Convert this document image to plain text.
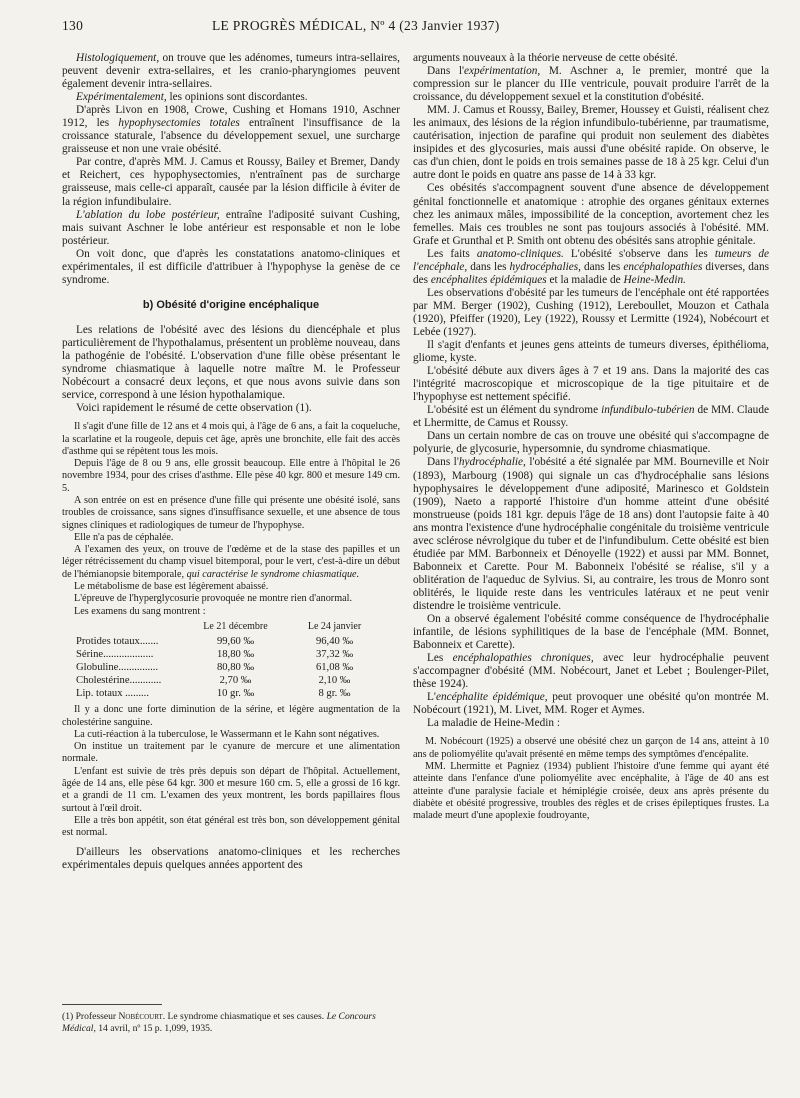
130	LE PROGRÈS MÉDICAL, Nº 4 (23 Janvier 1937)

Histologiquement, on trouve que les adénomes, tumeurs intra-sellaires, peuvent devenir extra-sellaires, et les cranio-pharyngiomes peuvent également devenir intra-sellaires.

Expérimentalement, les opinions sont discordantes.

D'après Livon en 1908, Crowe, Cushing et Homans 1910, Aschner 1912, les hypophysectomies totales entraînent l'insuffisance de la croissance staturale, l'absence du développement sexuel, une surcharge graisseuse et non une vraie obésité.

Par contre, d'après MM. J. Camus et Roussy, Bailey et Bremer, Dandy et Reichert, ces hypophysectomies, n'entraînent pas de surcharge graisseuse, mais celle-ci apparaît, causée par la lésion difficile à éviter de la région infundibulaire.

L'ablation du lobe postérieur, entraîne l'adiposité suivant Cushing, mais suivant Aschner le lobe antérieur est responsable et non le lobe postérieur.

On voit donc, que d'après les constatations anatomo-cliniques et expérimentales, il est difficile d'attribuer à l'hypophyse la genèse de ce syndrome.

b) Obésité d'origine encéphalique

Les relations de l'obésité avec des lésions du diencéphale et plus particulièrement de l'hypothalamus, présentent un problème nouveau, dans la pathogénie de l'obésité. L'observation d'une fille obèse présentant le syndrome chiasmatique à laquelle notre maître M. le Professeur Nobécourt a consacré deux leçons, et que nous avons suivie dans son service, correspond à une lésion hypothalamique.

Voici rapidement le résumé de cette observation (1).

Il s'agit d'une fille de 12 ans et 4 mois qui, à l'âge de 6 ans, a fait la coqueluche, la scarlatine et la rougeole, depuis cet âge, après une bronchite, elle fait des accès d'asthme qui se répètent tous les mois.

Depuis l'âge de 8 ou 9 ans, elle grossit beaucoup. Elle entre à l'hôpital le 26 novembre 1934, pour des crises d'asthme. Elle pèse 40 kgr. 800 et mesure 149 cm. 5.

A son entrée on est en présence d'une fille qui présente une obésité isolé, sans troubles de croissance, sans signes d'insuffisance sexuelle, et une absence de tous signes cliniques et radiologiques de tumeur de l'hypophyse.

Elle n'a pas de céphalée.

A l'examen des yeux, on trouve de l'œdème et de la stase des papilles et un léger rétrécissement du champ visuel bitemporal, pour le vert, c'est-à-dire un début de l'hémianopsie bitemporale, qui caractérise le syndrome chiasmatique.

Le métabolisme de base est légèrement abaissé.

L'épreuve de l'hyperglycosurie provoquée ne montre rien d'anormal.

Les examens du sang montrent :

	Le 21 décembre	Le 24 janvier
Protides totaux.......	99,60 ‰	96,40 ‰
Sérine...................	18,80 ‰	37,32 ‰
Globuline...............	80,80 ‰	61,08 ‰
Cholestérine............	2,70 ‰	2,10 ‰
Lip. totaux .........	10 gr. ‰	8 gr. ‰

Il y a donc une forte diminution de la sérine, et légère augmentation de la cholestérine sanguine.

La cuti-réaction à la tuberculose, le Wassermann et le Kahn sont négatives.

On institue un traitement par le cyanure de mercure et une alimentation normale.

L'enfant est suivie de très près depuis son départ de l'hôpital. Actuellement, âgée de 14 ans, elle pèse 64 kgr. 300 et mesure 160 cm. 5, elle a grossi de 16 kgr. et a grandi de 11 cm. L'examen des yeux montrent, les bords papillaires flous surtout à l'œil droit.

Elle a très bon appétit, son état général est très bon, son développement génital est normal.

D'ailleurs les observations anatomo-cliniques et les recherches expérimentales depuis quelques années apportent des

(1) Professeur Nobécourt. Le syndrome chiasmatique et ses causes. Le Concours Médical, 14 avril, nº 15 p. 1,099, 1935.

arguments nouveaux à la théorie nerveuse de cette obésité.

Dans l'expérimentation, M. Aschner a, le premier, montré que la compression sur le plancer du IIIe ventricule, pouvait produire l'arrêt de la croissance, du développement sexuel et la constitution d'obésité.

MM. J. Camus et Roussy, Bailey, Bremer, Houssey et Guisti, réalisent chez les animaux, des lésions de la région infundibulo-tubérienne, par traumatisme, cautérisation, injection de parafine qui produit non seulement des diabètes insipides et des glycosuries, mais aussi d'une obésité rapide. On observe, le cas d'un chien, dont le poids en trois semaines passe de 18 à 25 kgr. Celui d'un autre dont le poids en quatre ans passe de 14 à 33 kgr.

Ces obésités s'accompagnent souvent d'une absence de développement génital fonctionnelle et anatomique : atrophie des organes génitaux externes chez les animaux mâles, impossibilité de la conception, avortement chez les femelles. Mais ces troubles ne sont pas toujours associés à l'obésité. MM. Grafe et Grunthal et P. Smith ont obtenu des obésités sans atrophie génitale.

Les faits anatomo-cliniques. L'obésité s'observe dans les tumeurs de l'encéphale, dans les hydrocéphalies, dans les encéphalopathies diverses, dans des encéphalites épidémiques et la maladie de Heine-Medin.

Les observations d'obésité par les tumeurs de l'encéphale ont été rapportées par MM. Berger (1902), Cushing (1912), Lereboullet, Mouzon et Cathala (1920), Pfeiffer (1920), Ley (1922), Roussy et Lermitte (1924), Nobécourt et Lebée (1927).

Il s'agit d'enfants et jeunes gens atteints de tumeurs diverses, épithélioma, gliome, kyste.

L'obésité débute aux divers âges à 7 et 19 ans. Dans la majorité des cas l'intégrité macroscopique et microscopique de la tige pituitaire et de l'hypophyse est nettement spécifié.

L'obésité est un élément du syndrome infundibulo-tubérien de MM. Claude et Lhermitte, de Camus et Roussy.

Dans un certain nombre de cas on trouve une obésité qui s'accompagne de polyurie, de glycosurie, hypersomnie, du syndrome chiasmatique.

Dans l'hydrocéphalie, l'obésité a été signalée par MM. Bourneville et Noir (1893), Marbourg (1908) qui signale un cas d'hydrocéphalie sans lésions hypophysaires le développement d'une adiposité, Marinesco et Goldstein (1909), Naeto a rapporté l'histoire d'un homme atteint d'une obésité monstrueuse (poids 181 kgr. depuis l'âge de 18 ans) dont l'autopsie faite à 40 ans montra l'existence d'une hydrocéphalie congénitale du troisième ventricule avec sclérose névrolgique du tuber et de l'infundibulum. Cette obésité est bien étudiée par MM. Barbonneix et Dénoyelle (1922) et aussi par MM. Bonnet, Babonneix et Carette. Pour M. Babonneix l'obésité se réalise, s'il y a oblitération de l'aqueduc de Sylvius. Si, au contraire, les trous de Monro sont oblitérés, le liquide reste dans les ventricules latéraux et ne peut venir distendre le troisième ventricule.

On a observé également l'obésité comme conséquence de l'hydrocéphalie infantile, de lésions syphilitiques de la base de l'encéphale (MM. Bonnet, Babonneix et Carette).

Les encéphalopathies chroniques, avec leur hydrocéphalie peuvent s'accompagner d'obésité (MM. Nobécourt, Janet et Lebet ; Boulenger-Pilet, thèse 1924).

L'encéphalite épidémique, peut provoquer une obésité qu'on montrée M. Nobécourt (1921), M. Livet, MM. Roger et Aymes.

La maladie de Heine-Medin :

M. Nobécourt (1925) a observé une obésité chez un garçon de 14 ans, atteint à 10 ans de poliomyélite qu'avait présenté en même temps des symptômes d'encépalite.

MM. Lhermitte et Pagniez (1934) publient l'histoire d'une femme qui ayant été atteinte dans l'enfance d'une poliomyélite avec encéphalite, à l'âge de 40 ans est atteinte d'une paralysie faciale et hémiplégie croisée, deux ans après présente du diabète et obésité progressive, troubles des règles et de crises épileptiques frustes. La malade meurt d'une apoplexie foudroyante,
